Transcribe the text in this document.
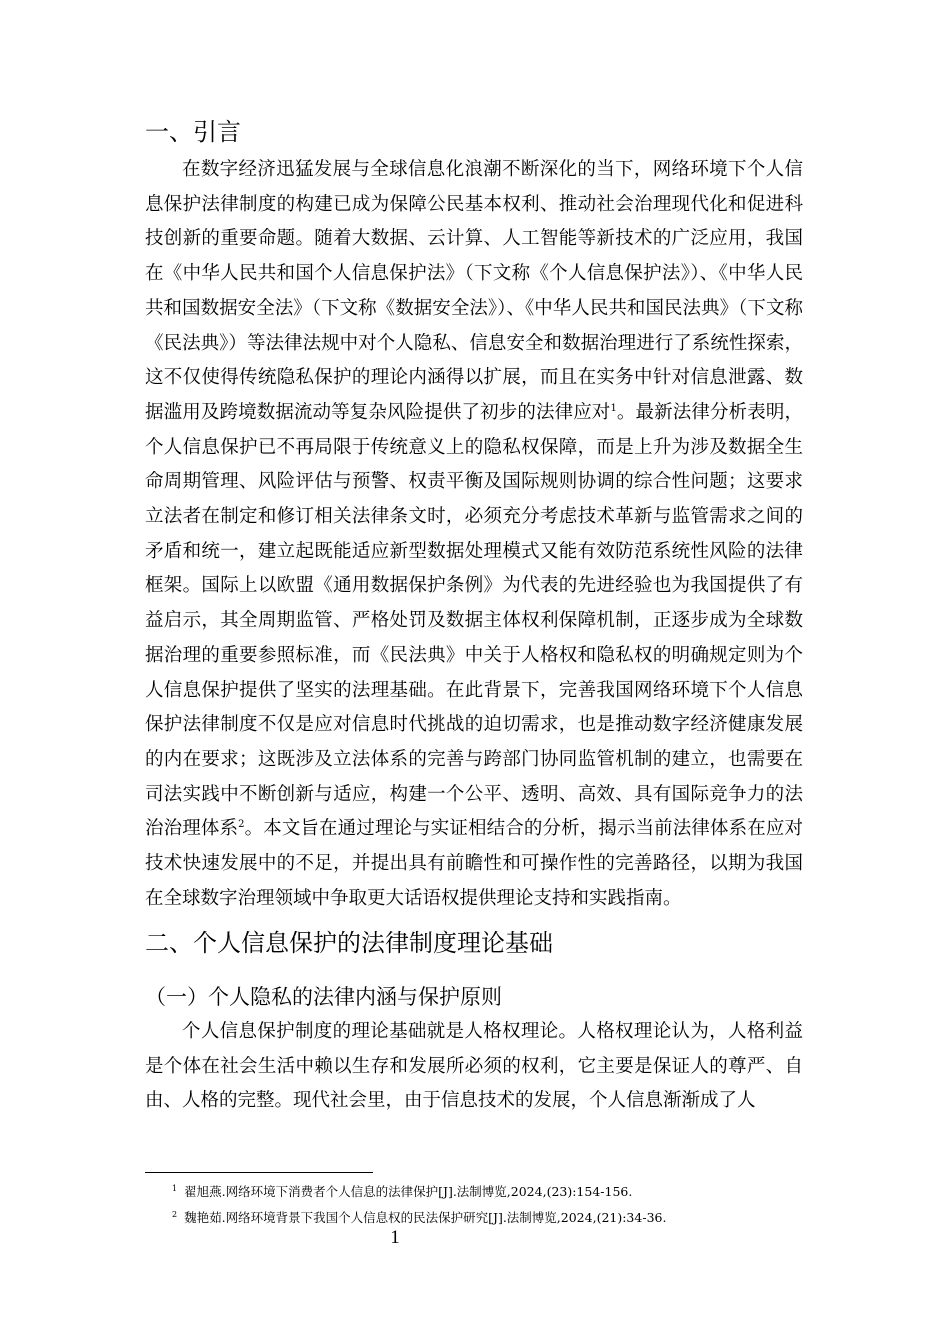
一、引言

在数字经济迅猛发展与全球信息化浪潮不断深化的当下，网络环境下个人信息保护法律制度的构建已成为保障公民基本权利、推动社会治理现代化和促进科技创新的重要命题。随着大数据、云计算、人工智能等新技术的广泛应用，我国在《中华人民共和国个人信息保护法》（下文称《个人信息保护法》）、《中华人民共和国数据安全法》（下文称《数据安全法》）、《中华人民共和国民法典》（下文称《民法典》）等法律法规中对个人隐私、信息安全和数据治理进行了系统性探索，这不仅使得传统隐私保护的理论内涵得以扩展，而且在实务中针对信息泄露、数据滥用及跨境数据流动等复杂风险提供了初步的法律应对$^1$。最新法律分析表明，个人信息保护已不再局限于传统意义上的隐私权保障，而是上升为涉及数据全生命周期管理、风险评估与预警、权责平衡及国际规则协调的综合性问题；这要求立法者在制定和修订相关法律条文时，必须充分考虑技术革新与监管需求之间的矛盾和统一，建立起既能适应新型数据处理模式又能有效防范系统性风险的法律框架。国际上以欧盟《通用数据保护条例》为代表的先进经验也为我国提供了有益启示，其全周期监管、严格处罚及数据主体权利保障机制，正逐步成为全球数据治理的重要参照标准，而《民法典》中关于人格权和隐私权的明确规定则为个人信息保护提供了坚实的法理基础。在此背景下，完善我国网络环境下个人信息保护法律制度不仅是应对信息时代挑战的迫切需求，也是推动数字经济健康发展的内在要求；这既涉及立法体系的完善与跨部门协同监管机制的建立，也需要在司法实践中不断创新与适应，构建一个公平、透明、高效、具有国际竞争力的法治治理体系$^2$。本文旨在通过理论与实证相结合的分析，揭示当前法律体系在应对技术快速发展中的不足，并提出具有前瞻性和可操作性的完善路径，以期为我国在全球数字治理领域中争取更大话语权提供理论支持和实践指南。

二、个人信息保护的法律制度理论基础
（一）个人隐私的法律内涵与保护原则

个人信息保护制度的理论基础就是人格权理论。人格权理论认为，人格利益是个体在社会生活中赖以生存和发展所必须的权利，它主要是保证人的尊严、自由、人格的完整。现代社会里，由于信息技术的发展，个人信息渐渐成了人

$^1$ 翟旭燕.网络环境下消费者个人信息的法律保护[J].法制博览,2024,(23):154-156.
$^2$ 魏艳茹.网络环境背景下我国个人信息权的民法保护研究[J].法制博览,2024,(21):34-36.
1
